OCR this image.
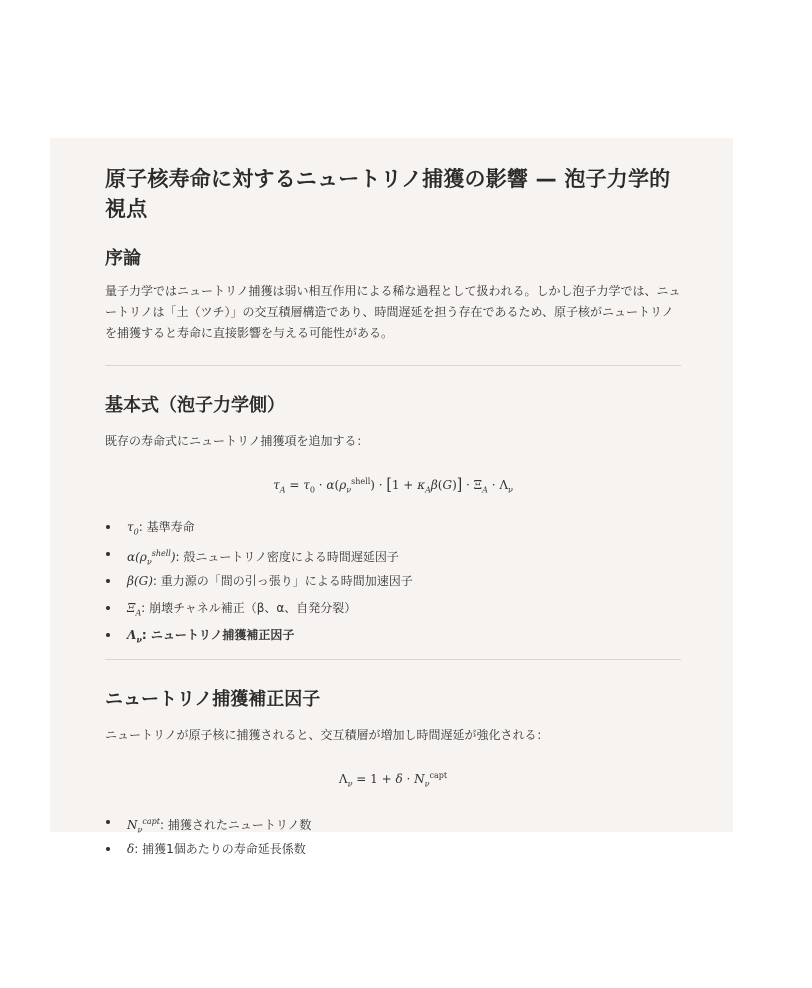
原子核寿命に対するニュートリノ捕獲の影響 — 泡子力学的視点
序論

量子力学ではニュートリノ捕獲は弱い相互作用による稀な過程として扱われる。しかし泡子力学では、ニュートリノは「土（ツチ）」の交互積層構造であり、時間遅延を担う存在であるため、原子核がニュートリノを捕獲すると寿命に直接影響を与える可能性がある。

基本式（泡子力学側）

既存の寿命式にニュートリノ捕獲項を追加する：

$\tau_A = \tau_0 \cdot \alpha(\rho_\nu^{shell}) \cdot [1 + \kappa_A\beta(G)] \cdot \Xi_A \cdot \Lambda_\nu$
$\tau_0$: 基準寿命
$\alpha(\rho_\nu^{shell})$: 殻ニュートリノ密度による時間遅延因子
β(G): 重力源の「間の引っ張り」による時間加速因子
$\Xi_A$: 崩壊チャネル補正（β、α、自発分裂）
$\Lambda_\nu$: ニュートリノ捕獲補正因子
ニュートリノ捕獲補正因子

ニュートリノが原子核に捕獲されると、交互積層が増加し時間遅延が強化される：

$\Lambda_\nu = 1 + \delta \cdot N_\nu^{capt}$
$N_\nu^{capt}$: 捕獲されたニュートリノ数
δ: 捕獲1個あたりの寿命延長係数
